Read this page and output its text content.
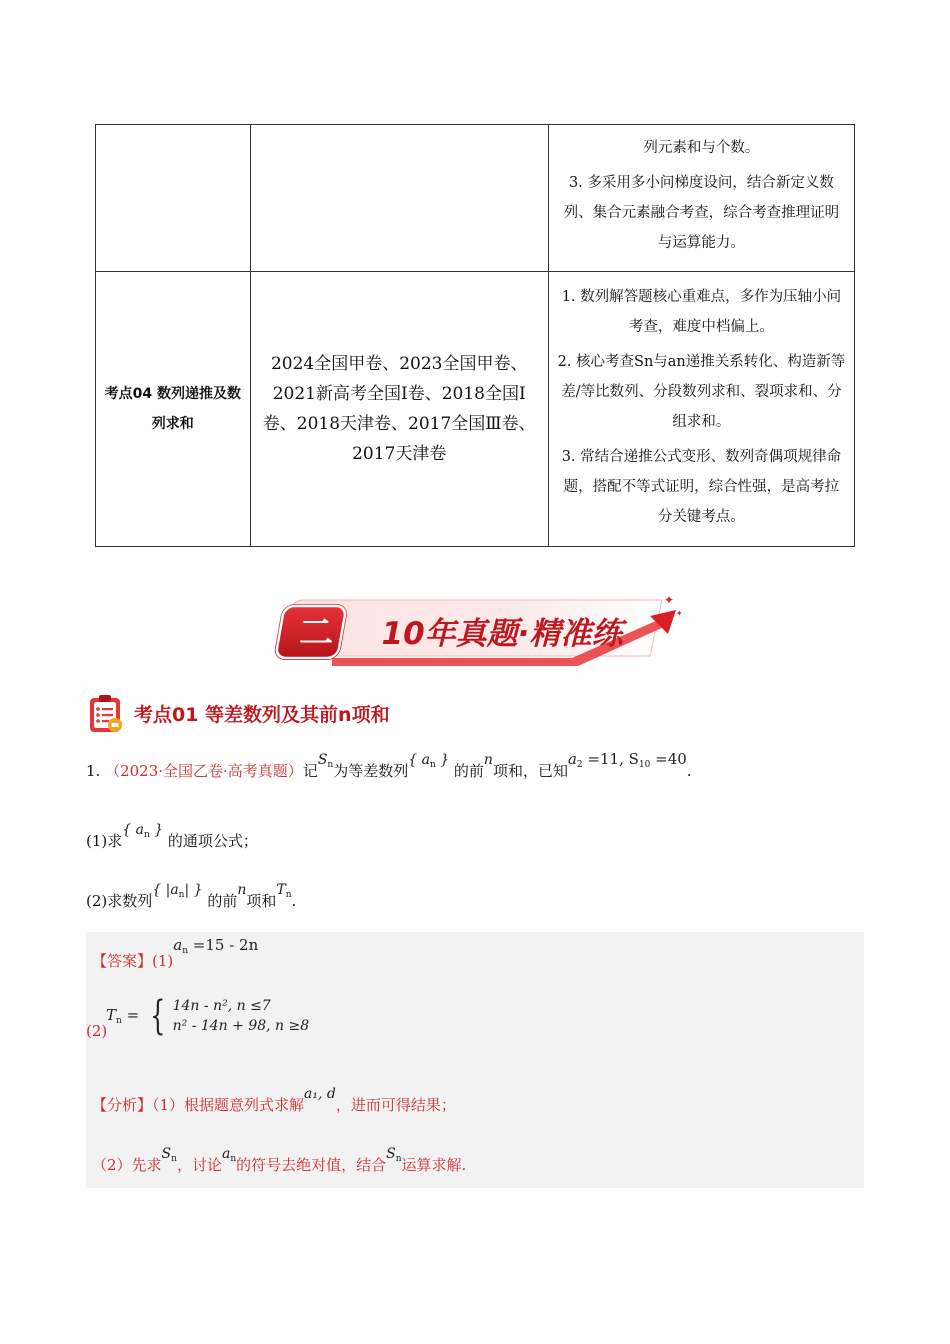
		列元素和与个数。

3. 多采用多小问梯度设问，结合新定义数列、集合元素融合考查，综合考查推理证明与运算能力。

考点04 数列递推及数列求和	2024全国甲卷、2023全国甲卷、2021新高考全国Ⅰ卷、2018全国Ⅰ卷、2018天津卷、2017全国Ⅲ卷、2017天津卷	1. 数列解答题核心重难点，多作为压轴小问考查，难度中档偏上。

2. 核心考查Sn与an递推关系转化、构造新等差/等比数列、分段数列求和、裂项求和、分组求和。

3. 常结合递推公式变形、数列奇偶项规律命题，搭配不等式证明，综合性强，是高考拉分关键考点。

✦
✦
二 10年真题·精准练
考点01 等差数列及其前n项和
1. （2023·全国乙卷·高考真题）记$S_n$为等差数列{ $a_n$ } 的前n项和，已知$a_2 =11$, $S_{10} =40$.
(1)求{ $a_n$ } 的通项公式；
(2)求数列{ $|a_n|$ } 的前n项和$T_n$.
【答案】$(1)a_n =15 - 2n$
(2)
$T_n$ = { 14n - n², n ≤7
n² - 14n + 98, n ≥8
【分析】（1）根据题意列式求解a₁, d，进而可得结果；
（2）先求$S_n$，讨论$a_n$的符号去绝对值，结合$S_n$运算求解.
